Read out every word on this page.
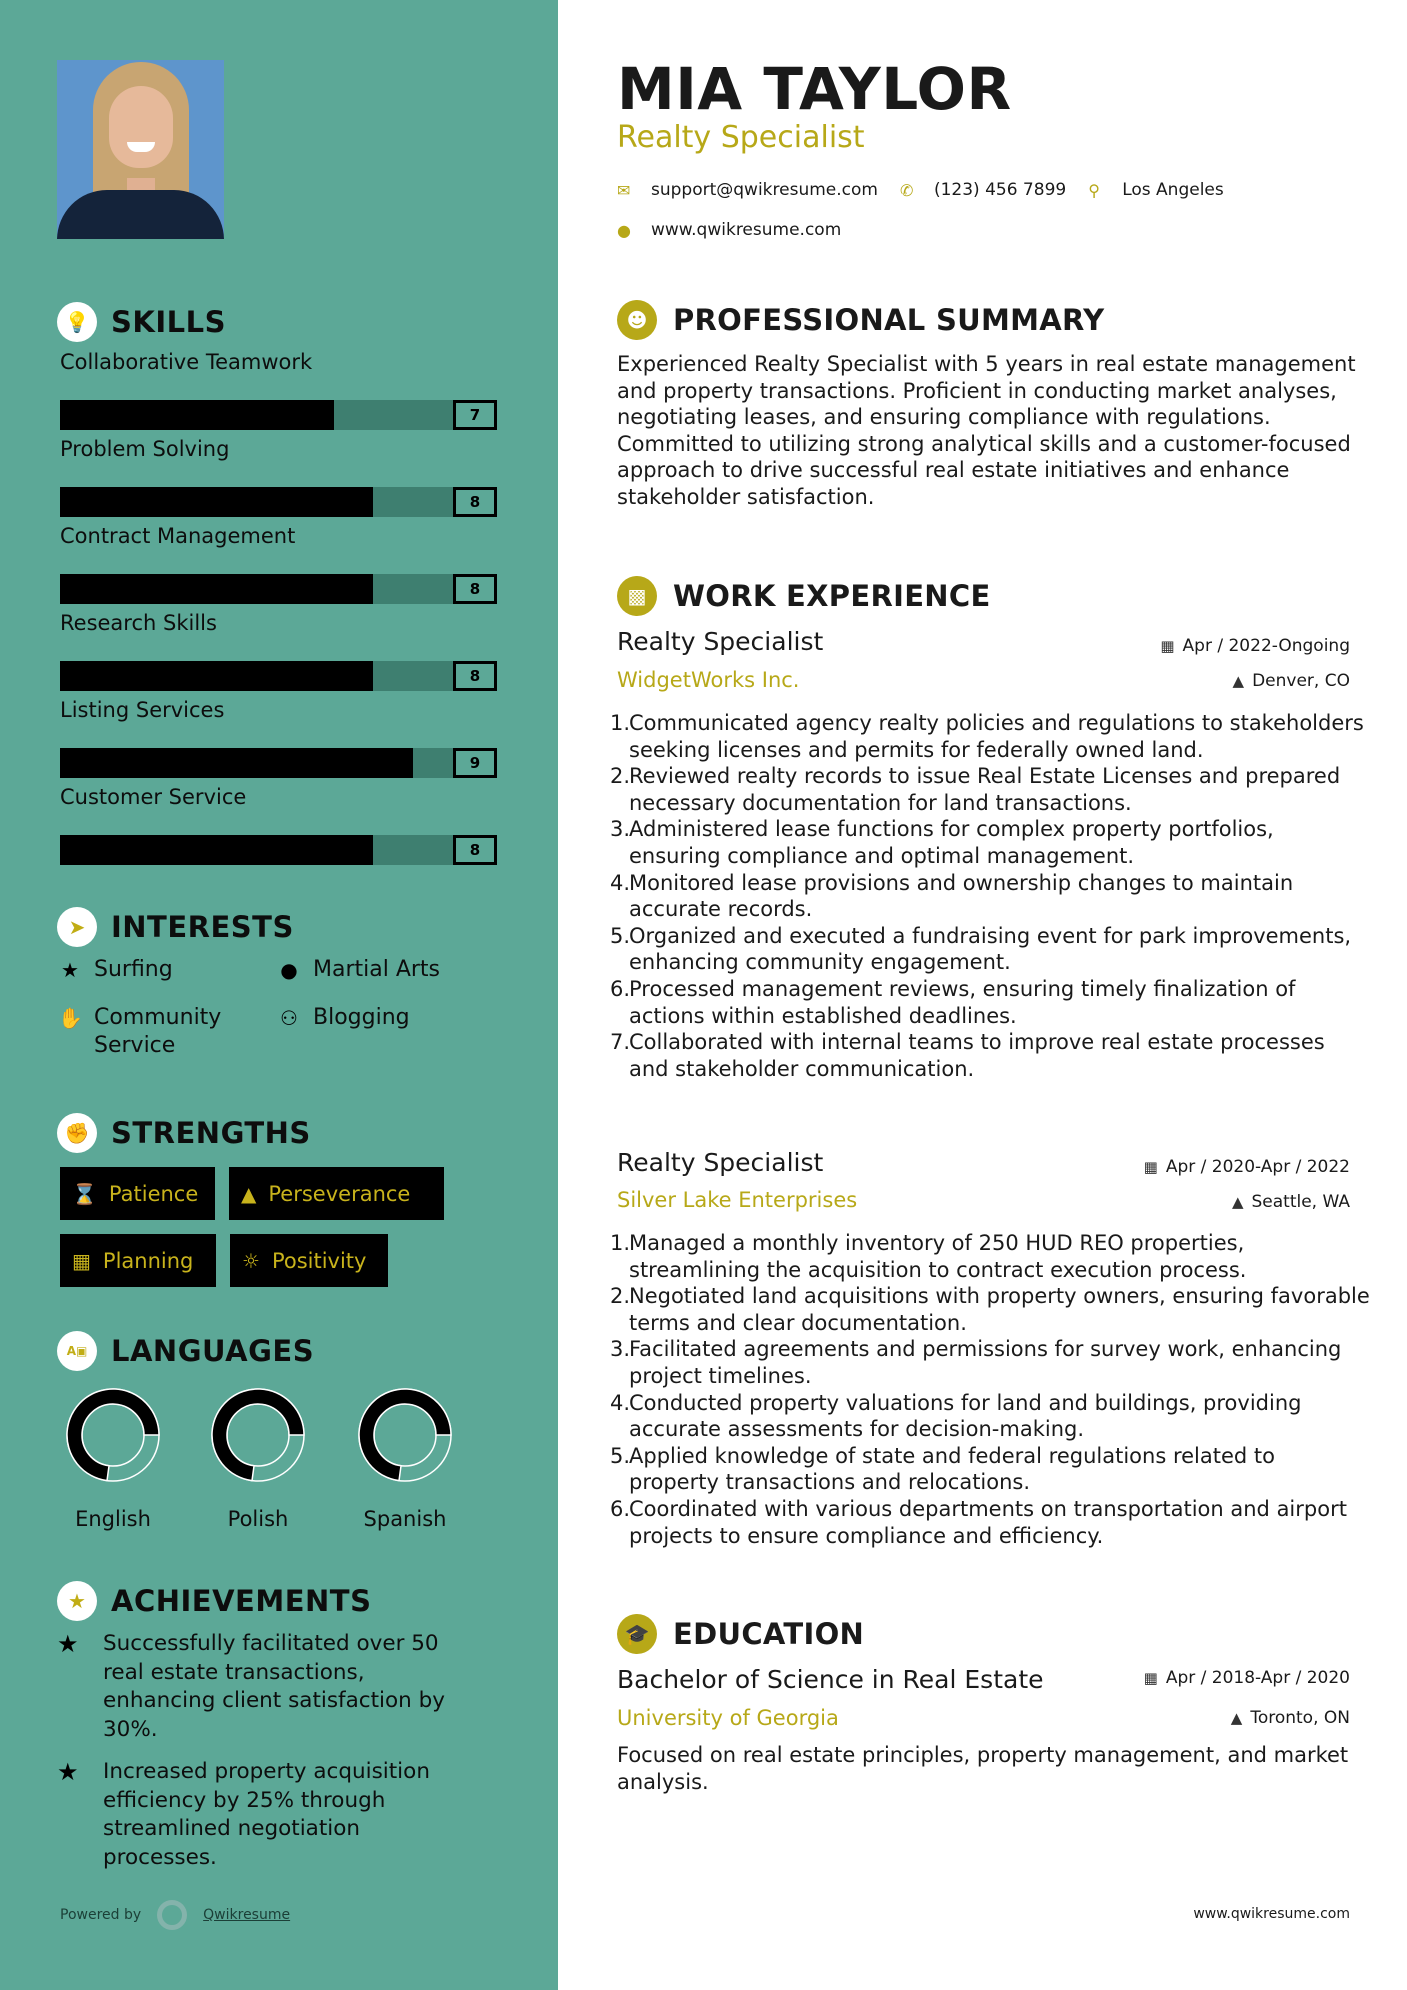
💡 SKILLS
Collaborative Teamwork
7
Problem Solving
8
Contract Management
8
Research Skills
8
Listing Services
9
Customer Service
8
➤ INTERESTS
★ Surfing	● Martial Arts
✋ Community Service
⚇ Blogging
✊ STRENGTHS
⌛ Patience ▲ Perseverance
▦ Planning ☼ Positivity
A▣ LANGUAGES
English	Polish	Spanish
★ ACHIEVEMENTS
★	Successfully facilitated over 50 real estate transactions, enhancing client satisfaction by 30%.
★	Increased property acquisition efficiency by 25% through streamlined negotiation processes.
Powered by	Qwikresume
MIA TAYLOR
Realty Specialist
✉	support@qwikresume.com ✆	(123) 456 7899 ⚲	Los Angeles
●	www.qwikresume.com
☻ PROFESSIONAL SUMMARY

Experienced Realty Specialist with 5 years in real estate management and property transactions. Proficient in conducting market analyses, negotiating leases, and ensuring compliance with regulations. Committed to utilizing strong analytical skills and a customer-focused approach to drive successful real estate initiatives and enhance stakeholder satisfaction.

▩ WORK EXPERIENCE
Realty Specialist	▦ Apr / 2022-Ongoing
WidgetWorks Inc.	▲ Denver, CO
1.
Communicated agency realty policies and regulations to stakeholders seeking licenses and permits for federally owned land.
2.
Reviewed realty records to issue Real Estate Licenses and prepared necessary documentation for land transactions.
3.
Administered lease functions for complex property portfolios, ensuring compliance and optimal management.
4.
Monitored lease provisions and ownership changes to maintain accurate records.
5.
Organized and executed a fundraising event for park improvements, enhancing community engagement.
6.
Processed management reviews, ensuring timely finalization of actions within established deadlines.
7.
Collaborated with internal teams to improve real estate processes and stakeholder communication.
Realty Specialist	▦ Apr / 2020-Apr / 2022
Silver Lake Enterprises	▲ Seattle, WA
1.
Managed a monthly inventory of 250 HUD REO properties, streamlining the acquisition to contract execution process.
2.
Negotiated land acquisitions with property owners, ensuring favorable terms and clear documentation.
3.
Facilitated agreements and permissions for survey work, enhancing project timelines.
4.
Conducted property valuations for land and buildings, providing accurate assessments for decision-making.
5.
Applied knowledge of state and federal regulations related to property transactions and relocations.
6.
Coordinated with various departments on transportation and airport projects to ensure compliance and efficiency.
🎓 EDUCATION
Bachelor of Science in Real Estate	▦ Apr / 2018-Apr / 2020
University of Georgia	▲ Toronto, ON

Focused on real estate principles, property management, and market analysis.

www.qwikresume.com
